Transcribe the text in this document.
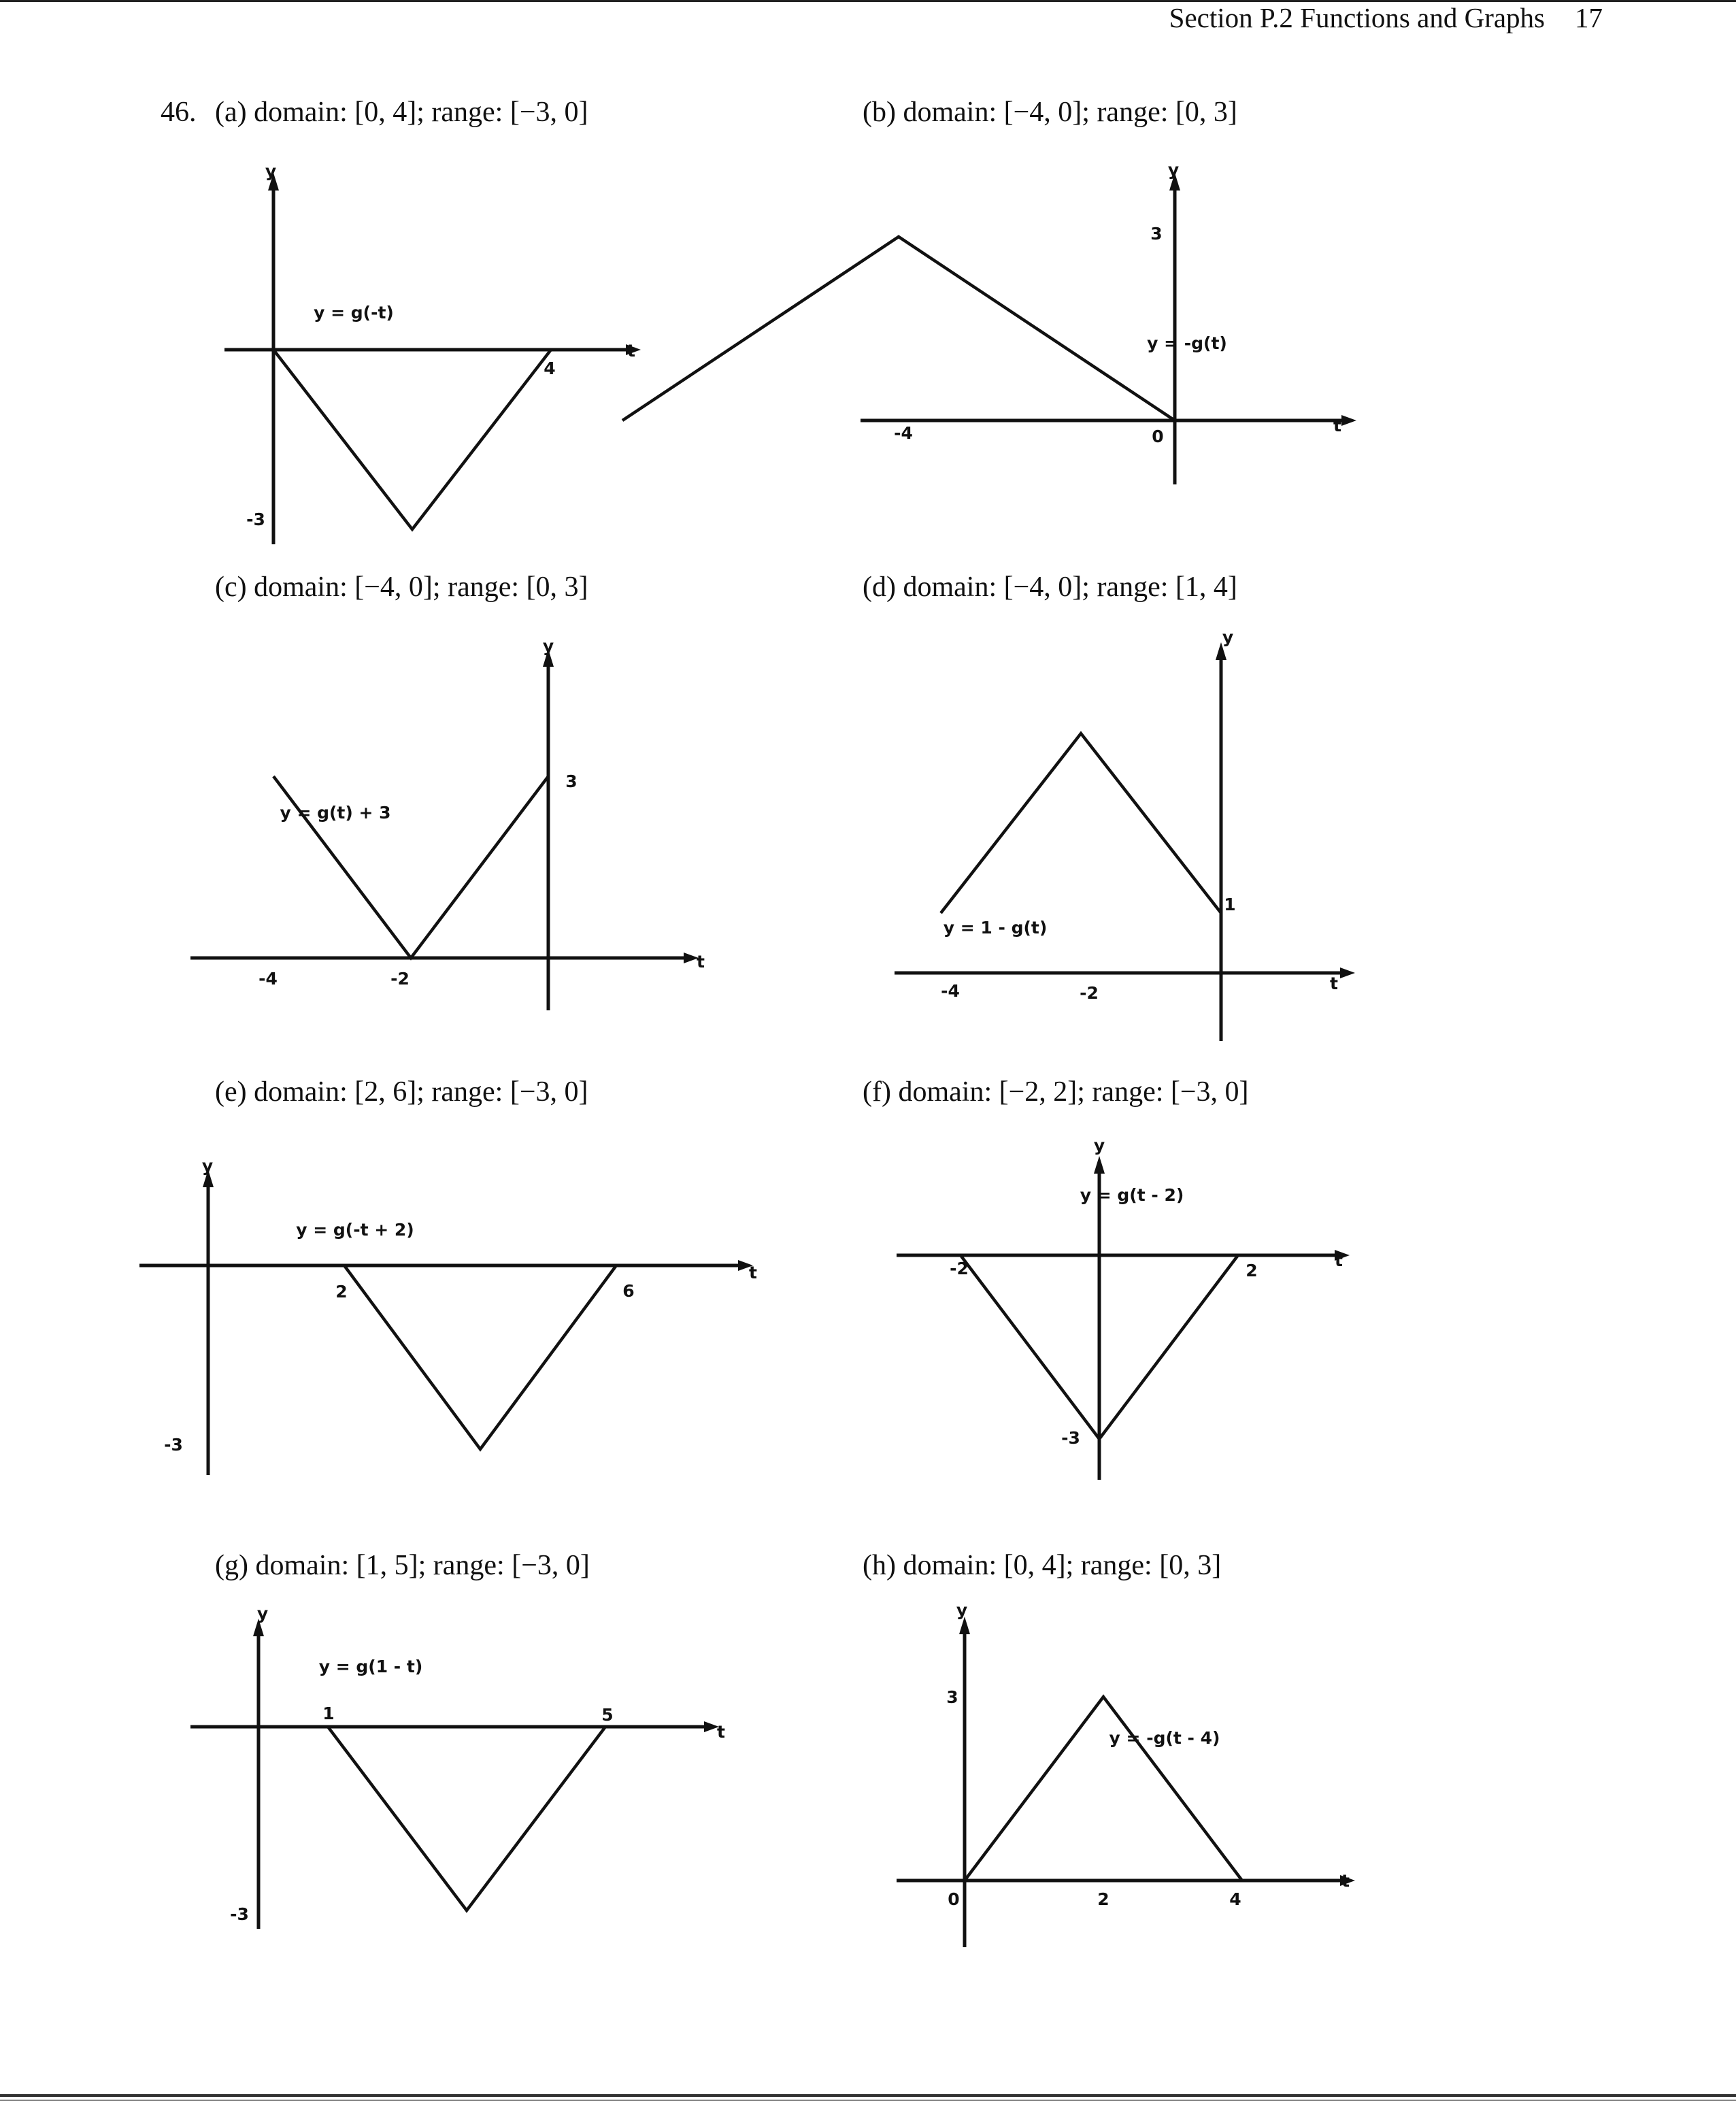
Section P.2 Functions and Graphs 17
46. (a) domain: [0, 4]; range: [−3, 0]	(b) domain: [−4, 0]; range: [0, 3]
(c) domain: [−4, 0]; range: [0, 3]	(d) domain: [−4, 0]; range: [1, 4]
(e) domain: [2, 6]; range: [−3, 0]	(f) domain: [−2, 2]; range: [−3, 0]
(g) domain: [1, 5]; range: [−3, 0]	(h) domain: [0, 4]; range: [0, 3]
t
y
y = g(-t)
4
-3
t
y
y = -g(t)
-4	0
3
t
y
y = g(t) + 3
-4	-2
3
t
y
y = 1 - g(t)
-4	-2
1
t
y
y = g(-t + 2)
2	6
-3
t
y
y = g(t - 2)
-2	2
-3
t
y
y = g(1 - t)
1	5
-3
t
y
y = -g(t - 4)
0	2	4
3
